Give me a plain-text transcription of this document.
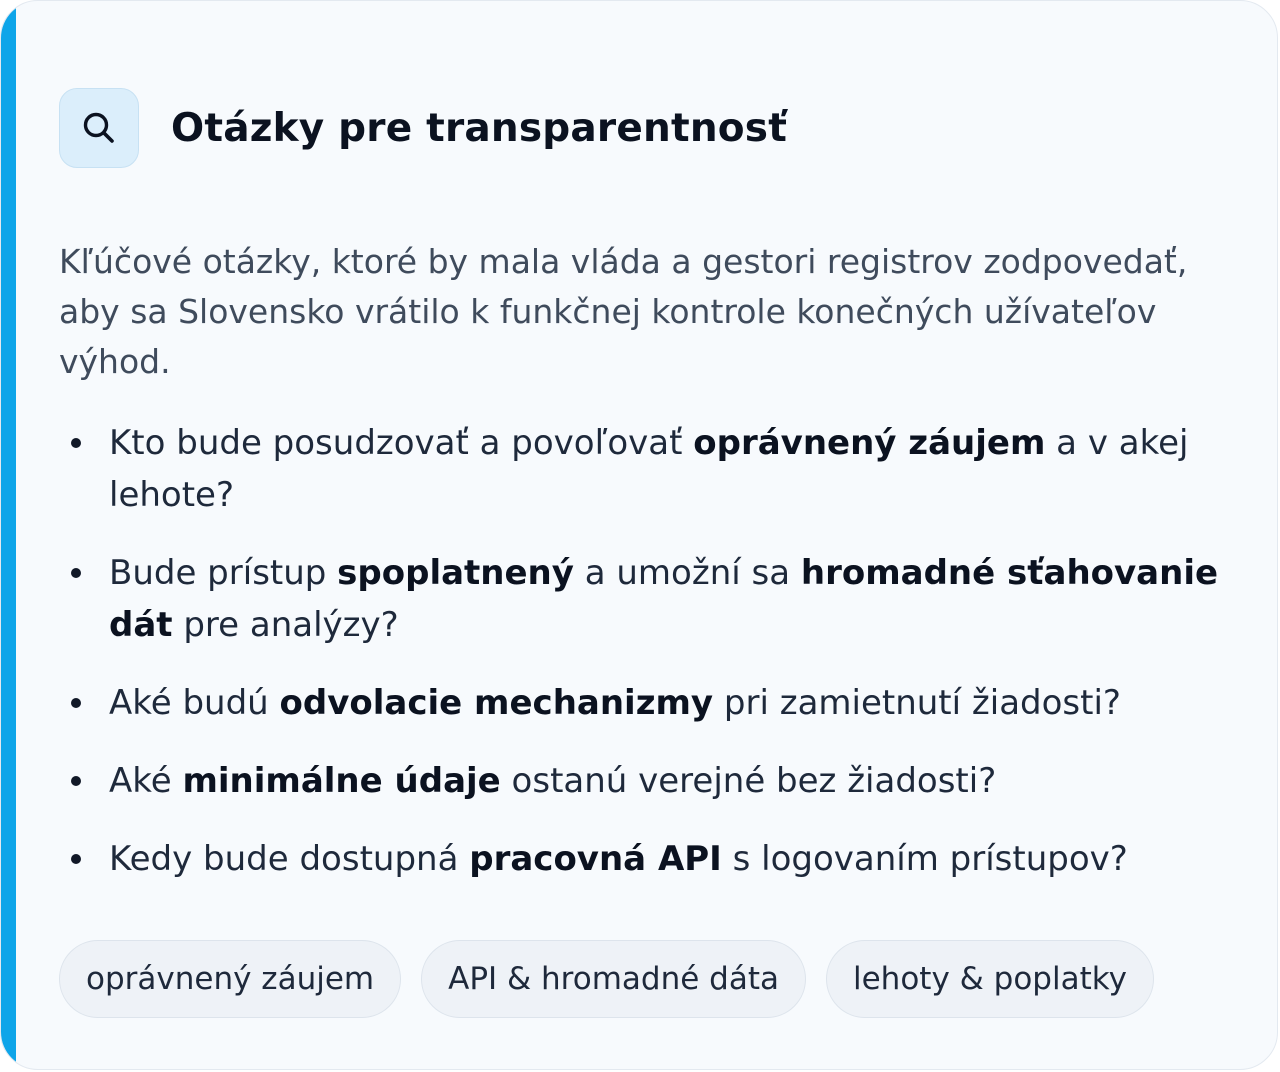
Otázky pre transparentnosť

Kľúčové otázky, ktoré by mala vláda a gestori registrov zodpovedať, aby sa Slovensko vrátilo k funkčnej kontrole konečných užívateľov výhod.

Kto bude posudzovať a povoľovať oprávnený záujem a v akej lehote?
Bude prístup spoplatnený a umožní sa hromadné sťahovanie dát pre analýzy?
Aké budú odvolacie mechanizmy pri zamietnutí žiadosti?
Aké minimálne údaje ostanú verejné bez žiadosti?
Kedy bude dostupná pracovná API s logovaním prístupov?
oprávnený záujem	API & hromadné dáta	lehoty & poplatky
